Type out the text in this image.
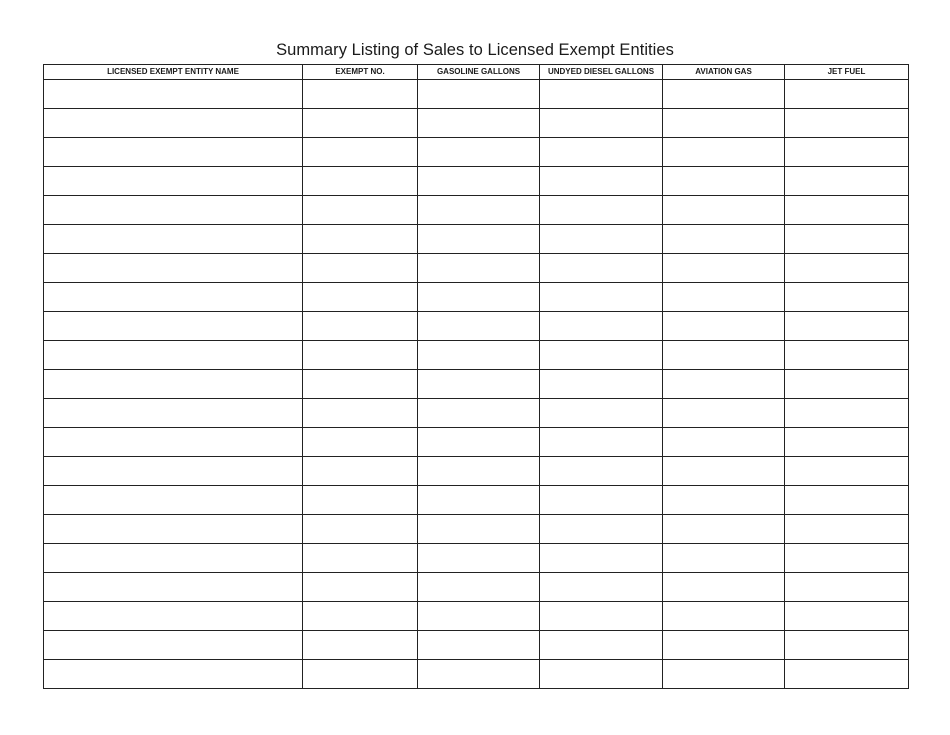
Summary Listing of Sales to Licensed Exempt Entities
LICENSED EXEMPT ENTITY NAME	EXEMPT NO.	GASOLINE GALLONS	UNDYED DIESEL GALLONS	AVIATION GAS	JET FUEL
